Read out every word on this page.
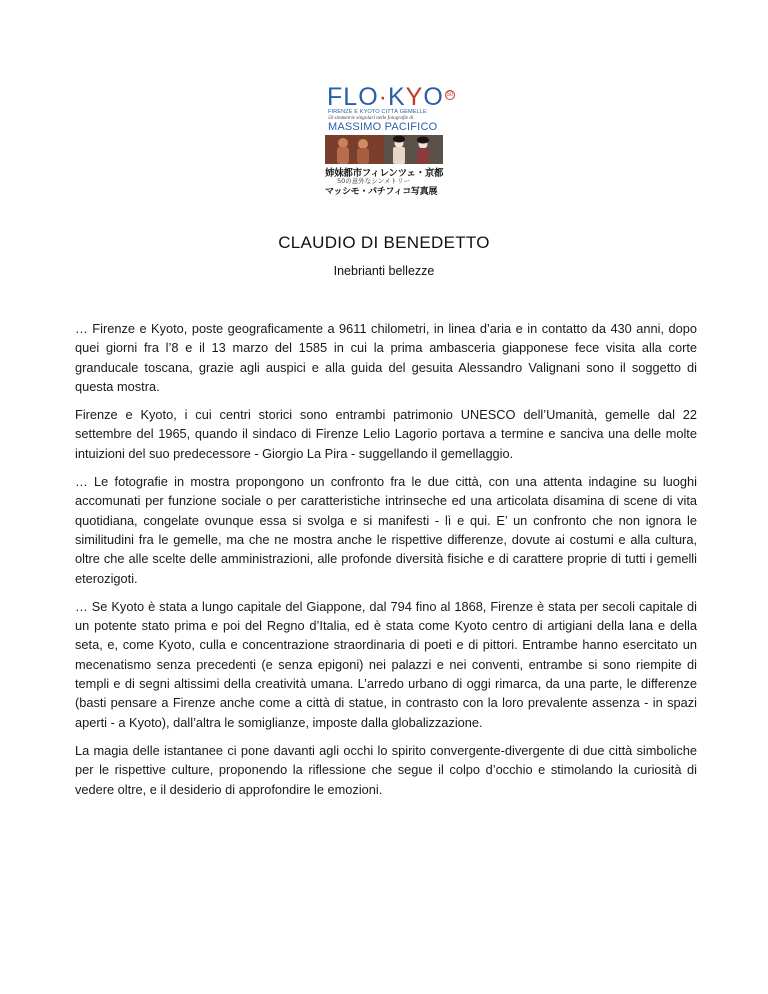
FLO·KYO 50
FIRENZE E KYOTO CITTÀ GEMELLE
50 simmetrie singolari nelle fotografie di
MASSIMO PACIFICO
姉妹都市フィレンツェ・京都
50の意外なシンメトリー
マッシモ・パチフィコ写真展
CLAUDIO DI BENEDETTO
Inebrianti bellezze

… Firenze e Kyoto, poste geograficamente a 9611 chilometri, in linea d’aria e in contatto da 430 anni, dopo quei giorni fra l’8 e il 13 marzo del 1585 in cui la prima ambasceria giapponese fece visita alla corte granducale toscana, grazie agli auspici e alla guida del gesuita Alessandro Valignani sono il soggetto di questa mostra.

Firenze e Kyoto, i cui centri storici sono entrambi patrimonio UNESCO dell’Umanità, gemelle dal 22 settembre del 1965, quando il sindaco di Firenze Lelio Lagorio portava a termine e sanciva una delle molte intuizioni del suo predecessore - Giorgio La Pira - suggellando il gemellaggio.

… Le fotografie in mostra propongono un confronto fra le due città, con una attenta indagine su luoghi accomunati per funzione sociale o per caratteristiche intrinseche ed una articolata disamina di scene di vita quotidiana, congelate ovunque essa si svolga e si manifesti - lì e qui. E’ un confronto che non ignora le similitudini fra le gemelle, ma che ne mostra anche le rispettive differenze, dovute ai costumi e alla cultura, oltre che alle scelte delle amministrazioni, alle profonde diversità fisiche e di carattere proprie di tutti i gemelli eterozigoti.

… Se Kyoto è stata a lungo capitale del Giappone, dal 794 fino al 1868, Firenze è stata per secoli capitale di un potente stato prima e poi del Regno d’Italia, ed è stata come Kyoto centro di artigiani della lana e della seta, e, come Kyoto, culla e concentrazione straordinaria di poeti e di pittori. Entrambe hanno esercitato un mecenatismo senza precedenti (e senza epigoni) nei palazzi e nei conventi, entrambe si sono riempite di templi e di segni altissimi della creatività umana. L’arredo urbano di oggi rimarca, da una parte, le differenze (basti pensare a Firenze anche come a città di statue, in contrasto con la loro prevalente assenza - in spazi aperti - a Kyoto), dall’altra le somiglianze, imposte dalla globalizzazione.

La magia delle istantanee ci pone davanti agli occhi lo spirito convergente-divergente di due città simboliche per le rispettive culture, proponendo la riflessione che segue il colpo d’occhio e stimolando la curiosità di vedere oltre, e il desiderio di approfondire le emozioni.
